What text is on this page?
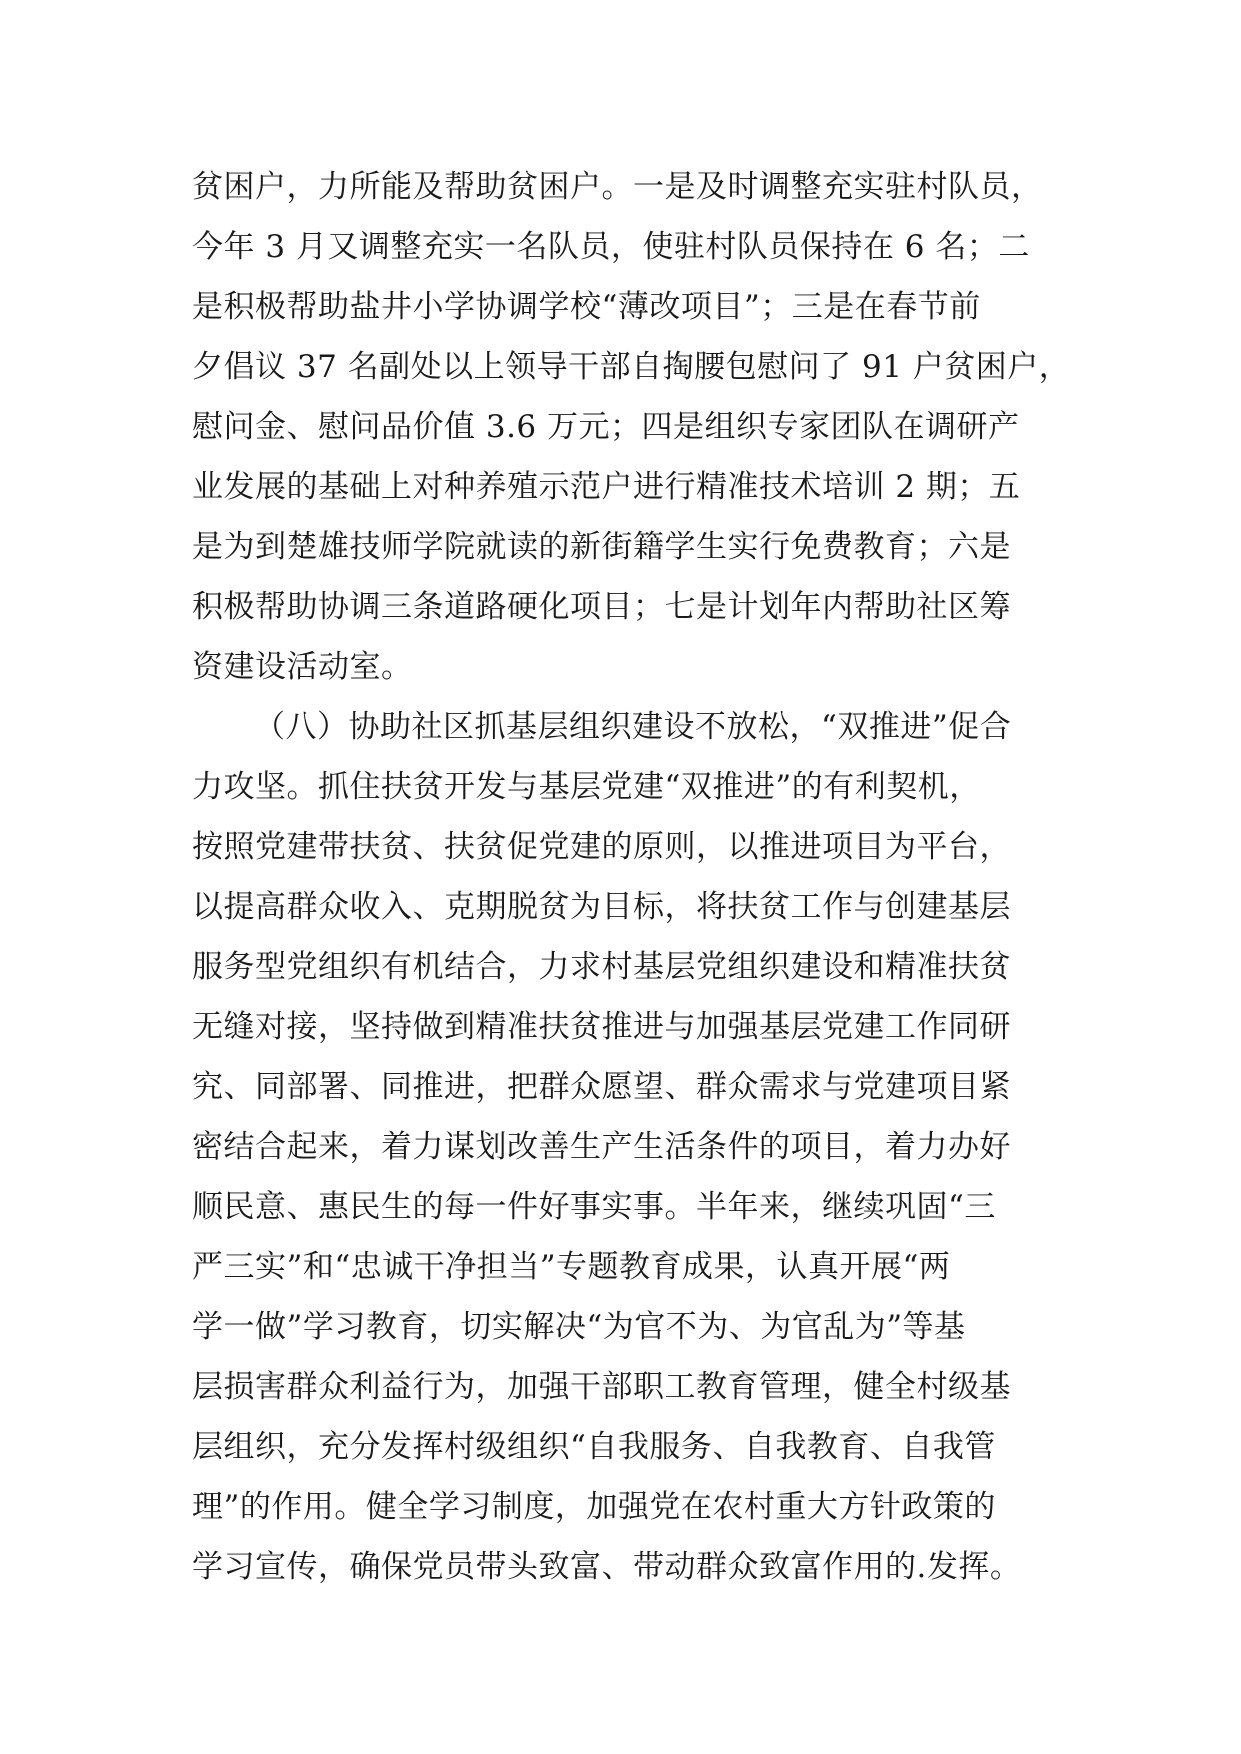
贫困户，力所能及帮助贫困户。一是及时调整充实驻村队员，
今年 3 月又调整充实一名队员，使驻村队员保持在 6 名；二
是积极帮助盐井小学协调学校“薄改项目”；三是在春节前
夕倡议 37 名副处以上领导干部自掏腰包慰问了 91 户贫困户，
慰问金、慰问品价值 3.6 万元；四是组织专家团队在调研产
业发展的基础上对种养殖示范户进行精准技术培训 2 期；五
是为到楚雄技师学院就读的新街籍学生实行免费教育；六是
积极帮助协调三条道路硬化项目；七是计划年内帮助社区筹
资建设活动室。
（八）协助社区抓基层组织建设不放松，“双推进”促合
力攻坚。抓住扶贫开发与基层党建“双推进”的有利契机，
按照党建带扶贫、扶贫促党建的原则，以推进项目为平台，
以提高群众收入、克期脱贫为目标，将扶贫工作与创建基层
服务型党组织有机结合，力求村基层党组织建设和精准扶贫
无缝对接，坚持做到精准扶贫推进与加强基层党建工作同研
究、同部署、同推进，把群众愿望、群众需求与党建项目紧
密结合起来，着力谋划改善生产生活条件的项目，着力办好
顺民意、惠民生的每一件好事实事。半年来，继续巩固“三
严三实”和“忠诚干净担当”专题教育成果，认真开展“两
学一做”学习教育，切实解决“为官不为、为官乱为”等基
层损害群众利益行为，加强干部职工教育管理，健全村级基
层组织，充分发挥村级组织“自我服务、自我教育、自我管
理”的作用。健全学习制度，加强党在农村重大方针政策的
学习宣传，确保党员带头致富、带动群众致富作用的.发挥。
